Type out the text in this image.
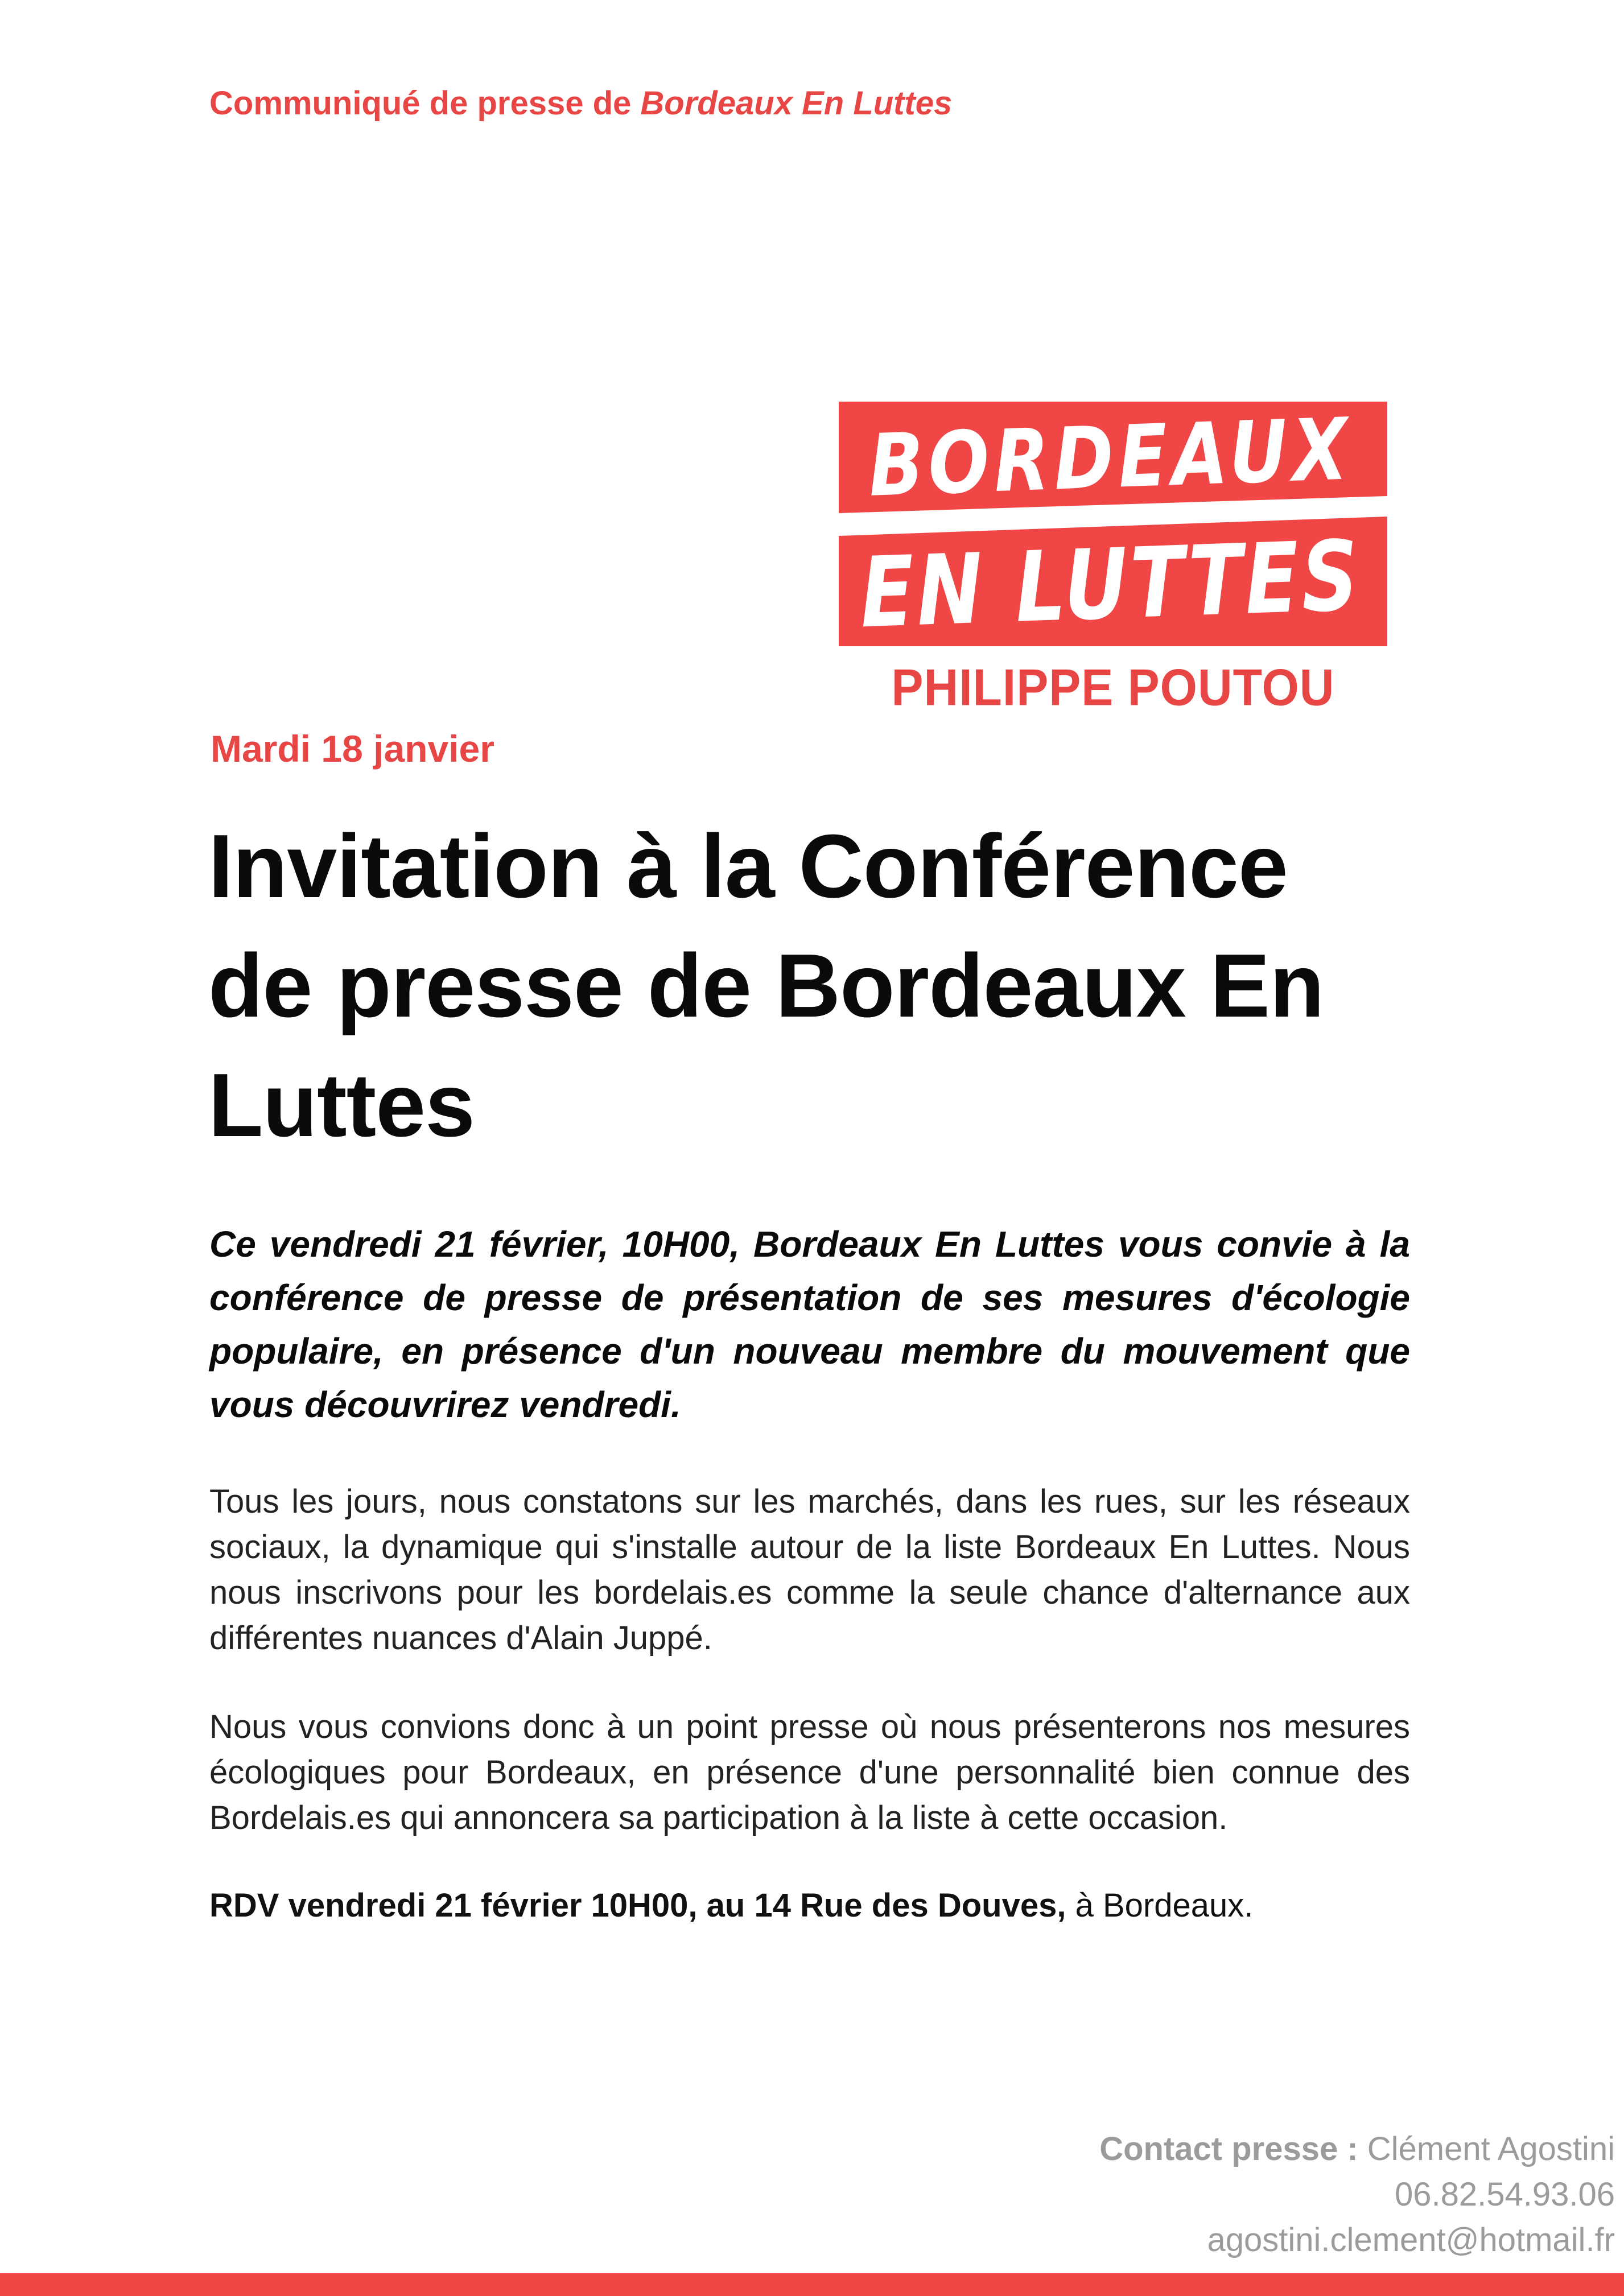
Communiqué de presse de Bordeaux En Luttes
BORDEAUX
EN LUTTES
PHILIPPE POUTOU
Mardi 18 janvier
Invitation à la Conférence
de presse de Bordeaux En
Luttes

Ce vendredi 21 février, 10H00, Bordeaux En Luttes vous convie à la conférence de presse de présentation de ses mesures d'écologie populaire, en présence d'un nouveau membre du mouvement que vous découvrirez vendredi.

Tous les jours, nous constatons sur les marchés, dans les rues, sur les réseaux sociaux, la dynamique qui s'installe autour de la liste Bordeaux En Luttes. Nous nous inscrivons pour les bordelais.es comme la seule chance d'alternance aux différentes nuances d'Alain Juppé.

Nous vous convions donc à un point presse où nous présenterons nos mesures écologiques pour Bordeaux, en présence d'une personnalité bien connue des Bordelais.es qui annoncera sa participation à la liste à cette occasion.

RDV vendredi 21 février 10H00, au 14 Rue des Douves, à Bordeaux.

Contact presse : Clément Agostini
06.82.54.93.06
agostini.clement@hotmail.fr
